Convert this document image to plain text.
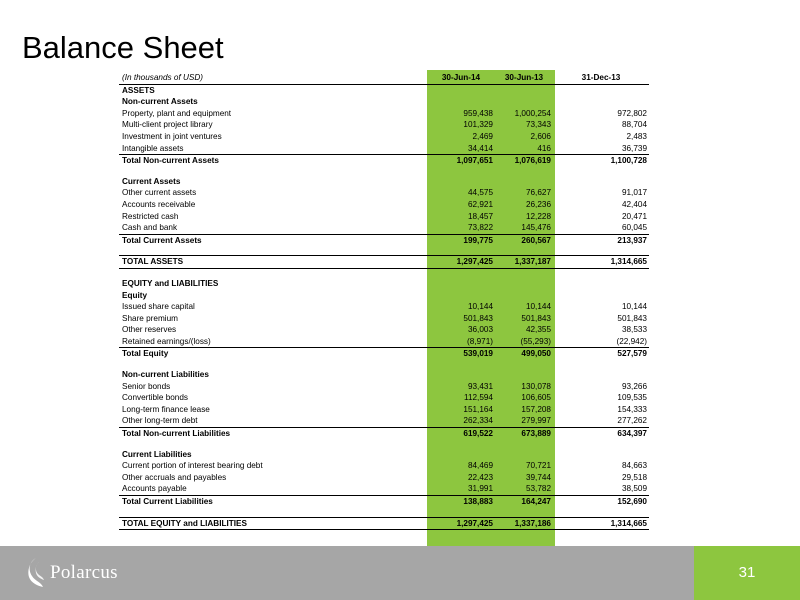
Balance Sheet
(In thousands of USD)	30-Jun-14	30-Jun-13	31-Dec-13
ASSETS			
Non-current Assets			
Property, plant and equipment	959,438	1,000,254	972,802
Multi-client project library	101,329	73,343	88,704
Investment in joint ventures	2,469	2,606	2,483
Intangible assets	34,414	416	36,739
Total Non-current Assets	1,097,651	1,076,619	1,100,728

Current Assets			
Other current assets	44,575	76,627	91,017
Accounts receivable	62,921	26,236	42,404
Restricted cash	18,457	12,228	20,471
Cash and bank	73,822	145,476	60,045
Total Current Assets	199,775	260,567	213,937

TOTAL ASSETS	1,297,425	1,337,187	1,314,665

EQUITY and LIABILITIES			
Equity			
Issued share capital	10,144	10,144	10,144
Share premium	501,843	501,843	501,843
Other reserves	36,003	42,355	38,533
Retained earnings/(loss)	(8,971)	(55,293)	(22,942)
Total Equity	539,019	499,050	527,579

Non-current Liabilities			
Senior bonds	93,431	130,078	93,266
Convertible bonds	112,594	106,605	109,535
Long-term finance lease	151,164	157,208	154,333
Other long-term debt	262,334	279,997	277,262
Total Non-current Liabilities	619,522	673,889	634,397

Current Liabilities			
Current portion of interest bearing debt	84,469	70,721	84,663
Other accruals and payables	22,423	39,744	29,518
Accounts payable	31,991	53,782	38,509
Total Current Liabilities	138,883	164,247	152,690

TOTAL EQUITY and LIABILITIES	1,297,425	1,337,186	1,314,665
31
Polarcus
